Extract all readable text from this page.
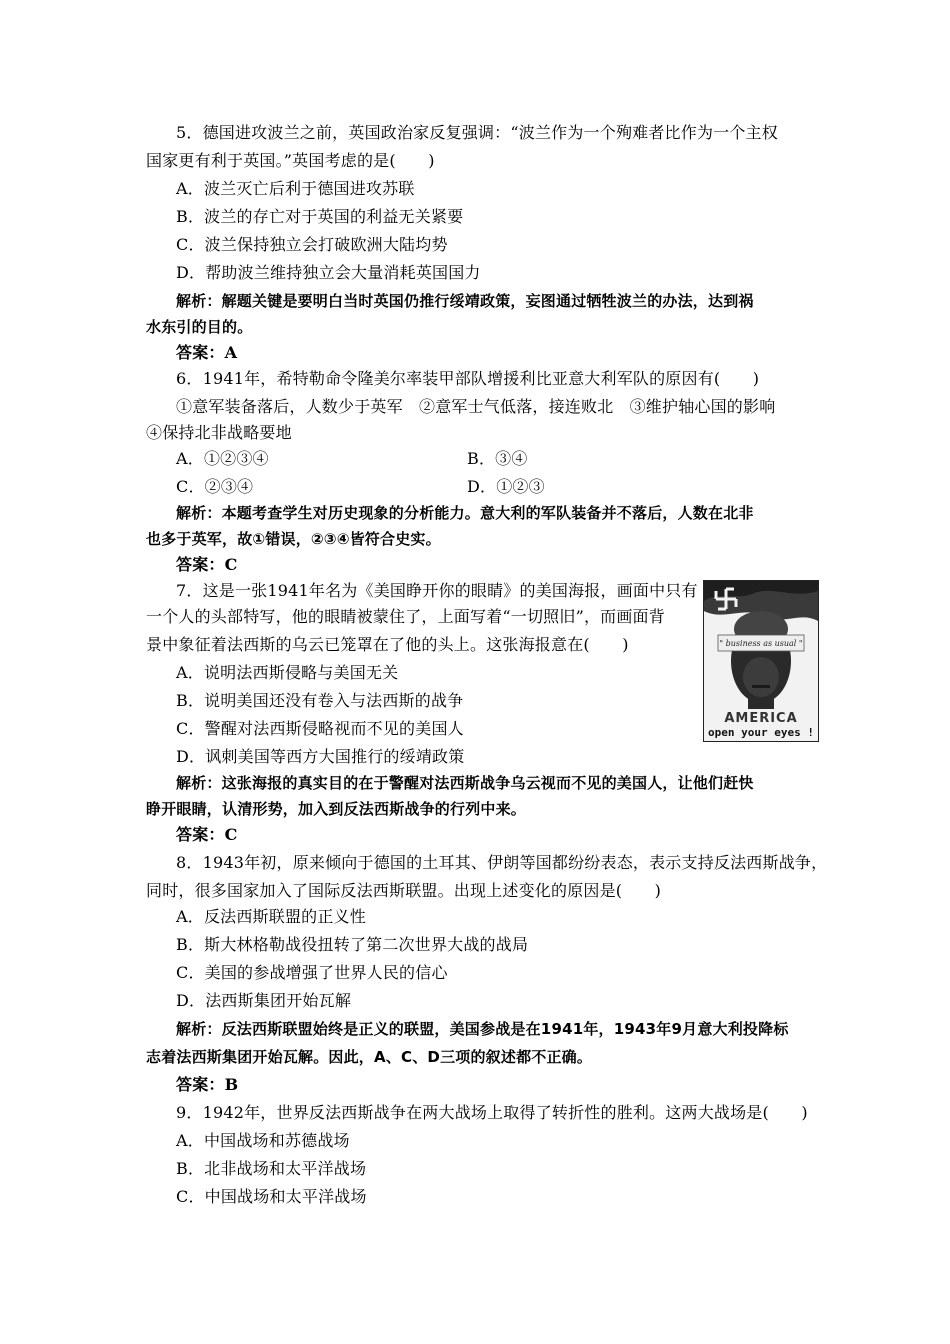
5．德国进攻波兰之前，英国政治家反复强调：“波兰作为一个殉难者比作为一个主权
国家更有利于英国。”英国考虑的是(　　)
A．波兰灭亡后利于德国进攻苏联
B．波兰的存亡对于英国的利益无关紧要
C．波兰保持独立会打破欧洲大陆均势
D．帮助波兰维持独立会大量消耗英国国力
解析：解题关键是要明白当时英国仍推行绥靖政策，妄图通过牺牲波兰的办法，达到祸
水东引的目的。
答案：A
6．1941年，希特勒命令隆美尔率装甲部队增援利比亚意大利军队的原因有(　　)
①意军装备落后，人数少于英军　②意军士气低落，接连败北　③维护轴心国的影响
④保持北非战略要地
A．①②③④	B．③④
C．②③④	D．①②③
解析：本题考查学生对历史现象的分析能力。意大利的军队装备并不落后，人数在北非
也多于英军，故①错误，②③④皆符合史实。
答案：C
7．这是一张1941年名为《美国睁开你的眼睛》的美国海报，画面中只有
一个人的头部特写，他的眼睛被蒙住了，上面写着“一切照旧”，而画面背
景中象征着法西斯的乌云已笼罩在了他的头上。这张海报意在(　　)
A．说明法西斯侵略与美国无关
B．说明美国还没有卷入与法西斯的战争
C．警醒对法西斯侵略视而不见的美国人
D．讽刺美国等西方大国推行的绥靖政策
解析：这张海报的真实目的在于警醒对法西斯战争乌云视而不见的美国人，让他们赶快
睁开眼睛，认清形势，加入到反法西斯战争的行列中来。
答案：C
" business as usual "
AMERICA
open your eyes !
8．1943年初，原来倾向于德国的土耳其、伊朗等国都纷纷表态，表示支持反法西斯战争，
同时，很多国家加入了国际反法西斯联盟。出现上述变化的原因是(　　)
A．反法西斯联盟的正义性
B．斯大林格勒战役扭转了第二次世界大战的战局
C．美国的参战增强了世界人民的信心
D．法西斯集团开始瓦解
解析：反法西斯联盟始终是正义的联盟，美国参战是在1941年，1943年9月意大利投降标
志着法西斯集团开始瓦解。因此，A、C、D三项的叙述都不正确。
答案：B
9．1942年，世界反法西斯战争在两大战场上取得了转折性的胜利。这两大战场是(　　)
A．中国战场和苏德战场
B．北非战场和太平洋战场
C．中国战场和太平洋战场
